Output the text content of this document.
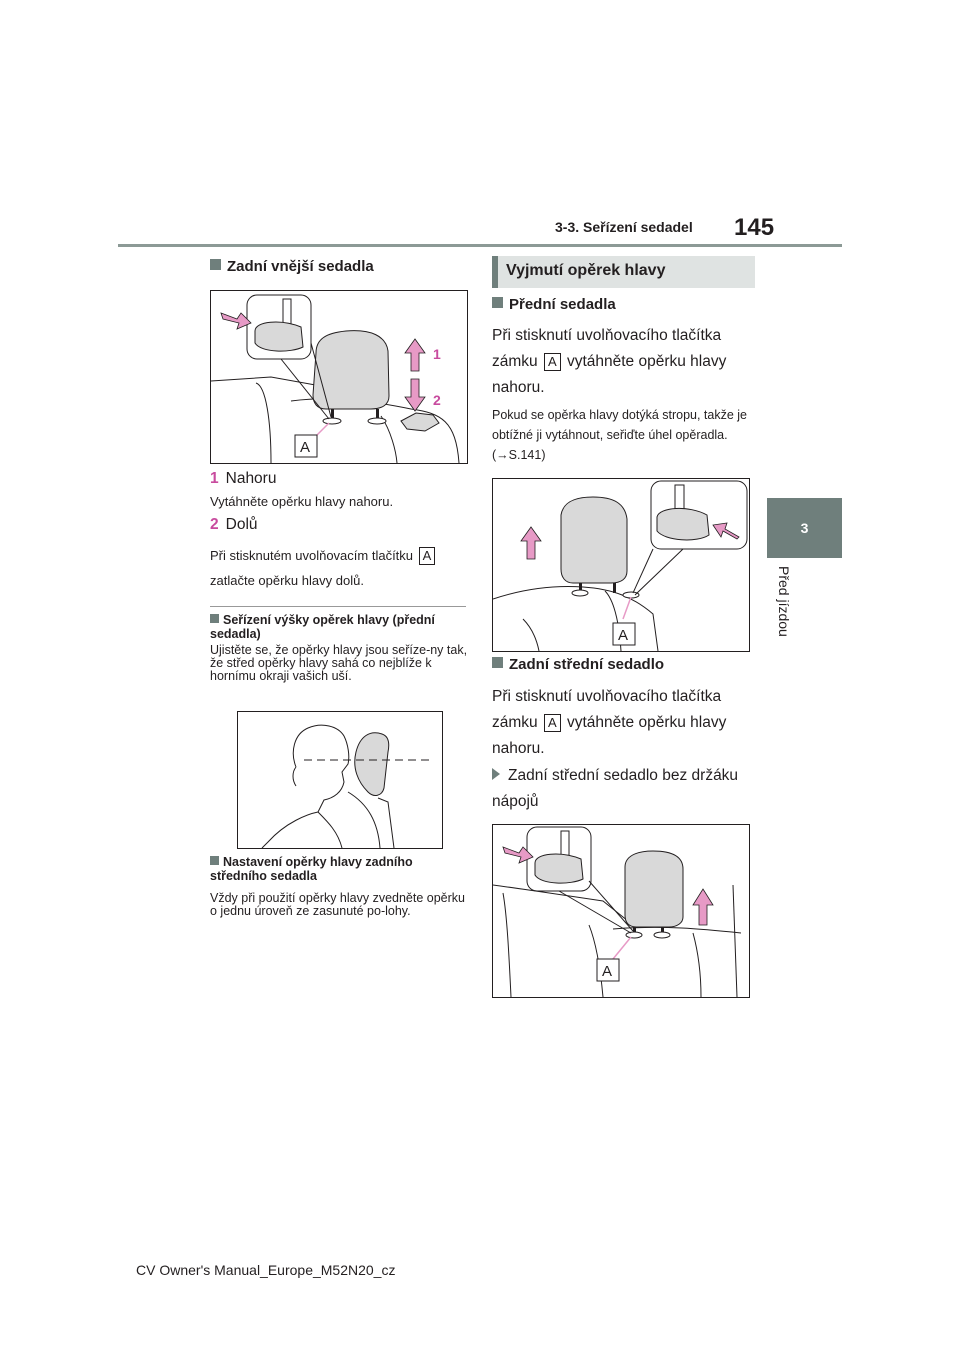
3-3. Seřízení sedadel 145
3
Před jízdou
Zadní vnější sedadla
1
2
A
1 Nahoru
Vytáhněte opěrku hlavy nahoru.
2 Dolů
Při stisknutém uvolňovacím tlačítku A
zatlačte opěrku hlavy dolů.
Seřízení výšky opěrek hlavy (přední sedadla)
Ujistěte se, že opěrky hlavy jsou seříze-ny tak, že střed opěrky hlavy sahá co nejblíže k hornímu okraji vašich uší.
Nastavení opěrky hlavy zadního středního sedadla
Vždy při použití opěrky hlavy zvedněte opěrku o jednu úroveň ze zasunuté po-lohy.
Vyjmutí opěrek hlavy
Přední sedadla
Při stisknutí uvolňovacího tlačítka
zámku A vytáhněte opěrku hlavy
nahoru.
Pokud se opěrka hlavy dotýká stropu, takže je obtížné ji vytáhnout, seřiďte úhel opěradla. (→S.141)
A
Zadní střední sedadlo
Při stisknutí uvolňovacího tlačítka
zámku A vytáhněte opěrku hlavy
nahoru.
Zadní střední sedadlo bez držáku nápojů
A
CV Owner's Manual_Europe_M52N20_cz
